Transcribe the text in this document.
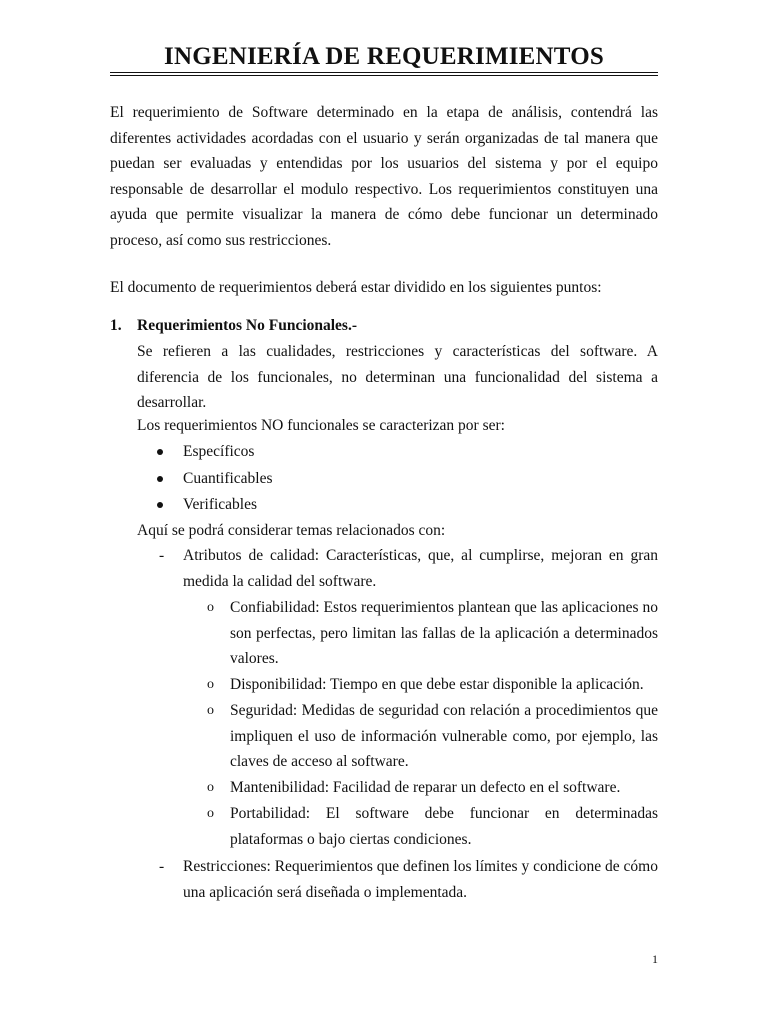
INGENIERÍA DE REQUERIMIENTOS
El requerimiento de Software determinado en la etapa de análisis, contendrá las diferentes actividades acordadas con el usuario y serán organizadas de tal manera que puedan ser evaluadas y entendidas por los usuarios del sistema y por el equipo responsable de desarrollar el modulo respectivo. Los requerimientos constituyen una ayuda que permite visualizar la manera de cómo debe funcionar un determinado proceso, así como sus restricciones.
El documento de requerimientos deberá estar dividido en los siguientes puntos:
1. Requerimientos No Funcionales.-
Se refieren a las cualidades, restricciones y características del software. A diferencia de los funcionales, no determinan una funcionalidad del sistema a desarrollar.
Los requerimientos NO funcionales se caracterizan por ser:
Específicos
Cuantificables
Verificables
Aquí se podrá considerar temas relacionados con:
- Atributos de calidad: Características, que, al cumplirse, mejoran en gran medida la calidad del software.
o Confiabilidad: Estos requerimientos plantean que las aplicaciones no son perfectas, pero limitan las fallas de la aplicación a determinados valores.
o Disponibilidad: Tiempo en que debe estar disponible la aplicación.
o Seguridad: Medidas de seguridad con relación a procedimientos que impliquen el uso de información vulnerable como, por ejemplo, las claves de acceso al software.
o Mantenibilidad: Facilidad de reparar un defecto en el software.
o Portabilidad: El software debe funcionar en determinadas plataformas o bajo ciertas condiciones.
- Restricciones: Requerimientos que definen los límites y condicione de cómo una aplicación será diseñada o implementada.
1
